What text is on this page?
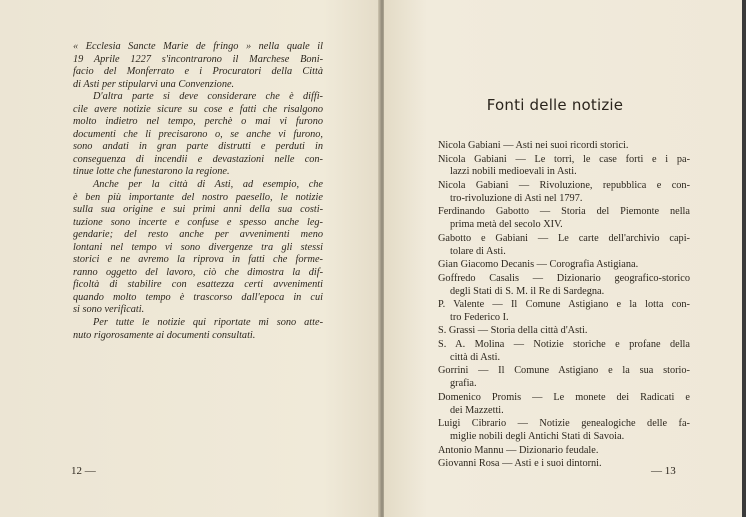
« Ecclesia Sancte Marie de fringo » nella quale il
19 Aprile 1227 s'incontrarono il Marchese Boni-
facio del Monferrato e i Procuratori della Città
di Asti per stipularvi una Convenzione.

D'altra parte si deve considerare che è diffi-
cile avere notizie sicure su cose e fatti che risalgono
molto indietro nel tempo, perchè o mai vi furono
documenti che li precisarono o, se anche vi furono,
sono andati in gran parte distrutti e perduti in
conseguenza di incendii e devastazioni nelle con-
tinue lotte che funestarono la regione.

Anche per la città di Asti, ad esempio, che
è ben più importante del nostro paesello, le notizie
sulla sua origine e sui primi anni della sua costi-
tuzione sono incerte e confuse e spesso anche leg-
gendarie; del resto anche per avvenimenti meno
lontani nel tempo vi sono divergenze tra gli stessi
storici e ne avremo la riprova in fatti che forme-
ranno oggetto del lavoro, ciò che dimostra la dif-
ficoltà di stabilire con esattezza certi avvenimenti
quando molto tempo è trascorso dall'epoca in cui
si sono verificati.

Per tutte le notizie qui riportate mi sono atte-
nuto rigorosamente ai documenti consultati.

12 —
Fonti delle notizie
Nicola Gabiani — Asti nei suoi ricordi storici.
Nicola Gabiani — Le torri, le case forti e i pa-
lazzi nobili medioevali in Asti.
Nicola Gabiani — Rivoluzione, repubblica e con-
tro-rivoluzione di Asti nel 1797.
Ferdinando Gabotto — Storia del Piemonte nella
prima metà del secolo XIV.
Gabotto e Gabiani — Le carte dell'archivio capi-
tolare di Asti.
Gian Giacomo Decanis — Corografia Astigiana.
Goffredo Casalis — Dizionario geografico-storico
degli Stati di S. M. il Re di Sardegna.
P. Valente — Il Comune Astigiano e la lotta con-
tro Federico I.
S. Grassi — Storia della città d'Asti.
S. A. Molina — Notizie storiche e profane della
città di Asti.
Gorrini — Il Comune Astigiano e la sua storio-
grafia.
Domenico Promis — Le monete dei Radicati e
dei Mazzetti.
Luigi Cibrario — Notizie genealogiche delle fa-
miglie nobili degli Antichi Stati di Savoia.
Antonio Mannu — Dizionario feudale.
Giovanni Rosa — Asti e i suoi dintorni.
— 13
